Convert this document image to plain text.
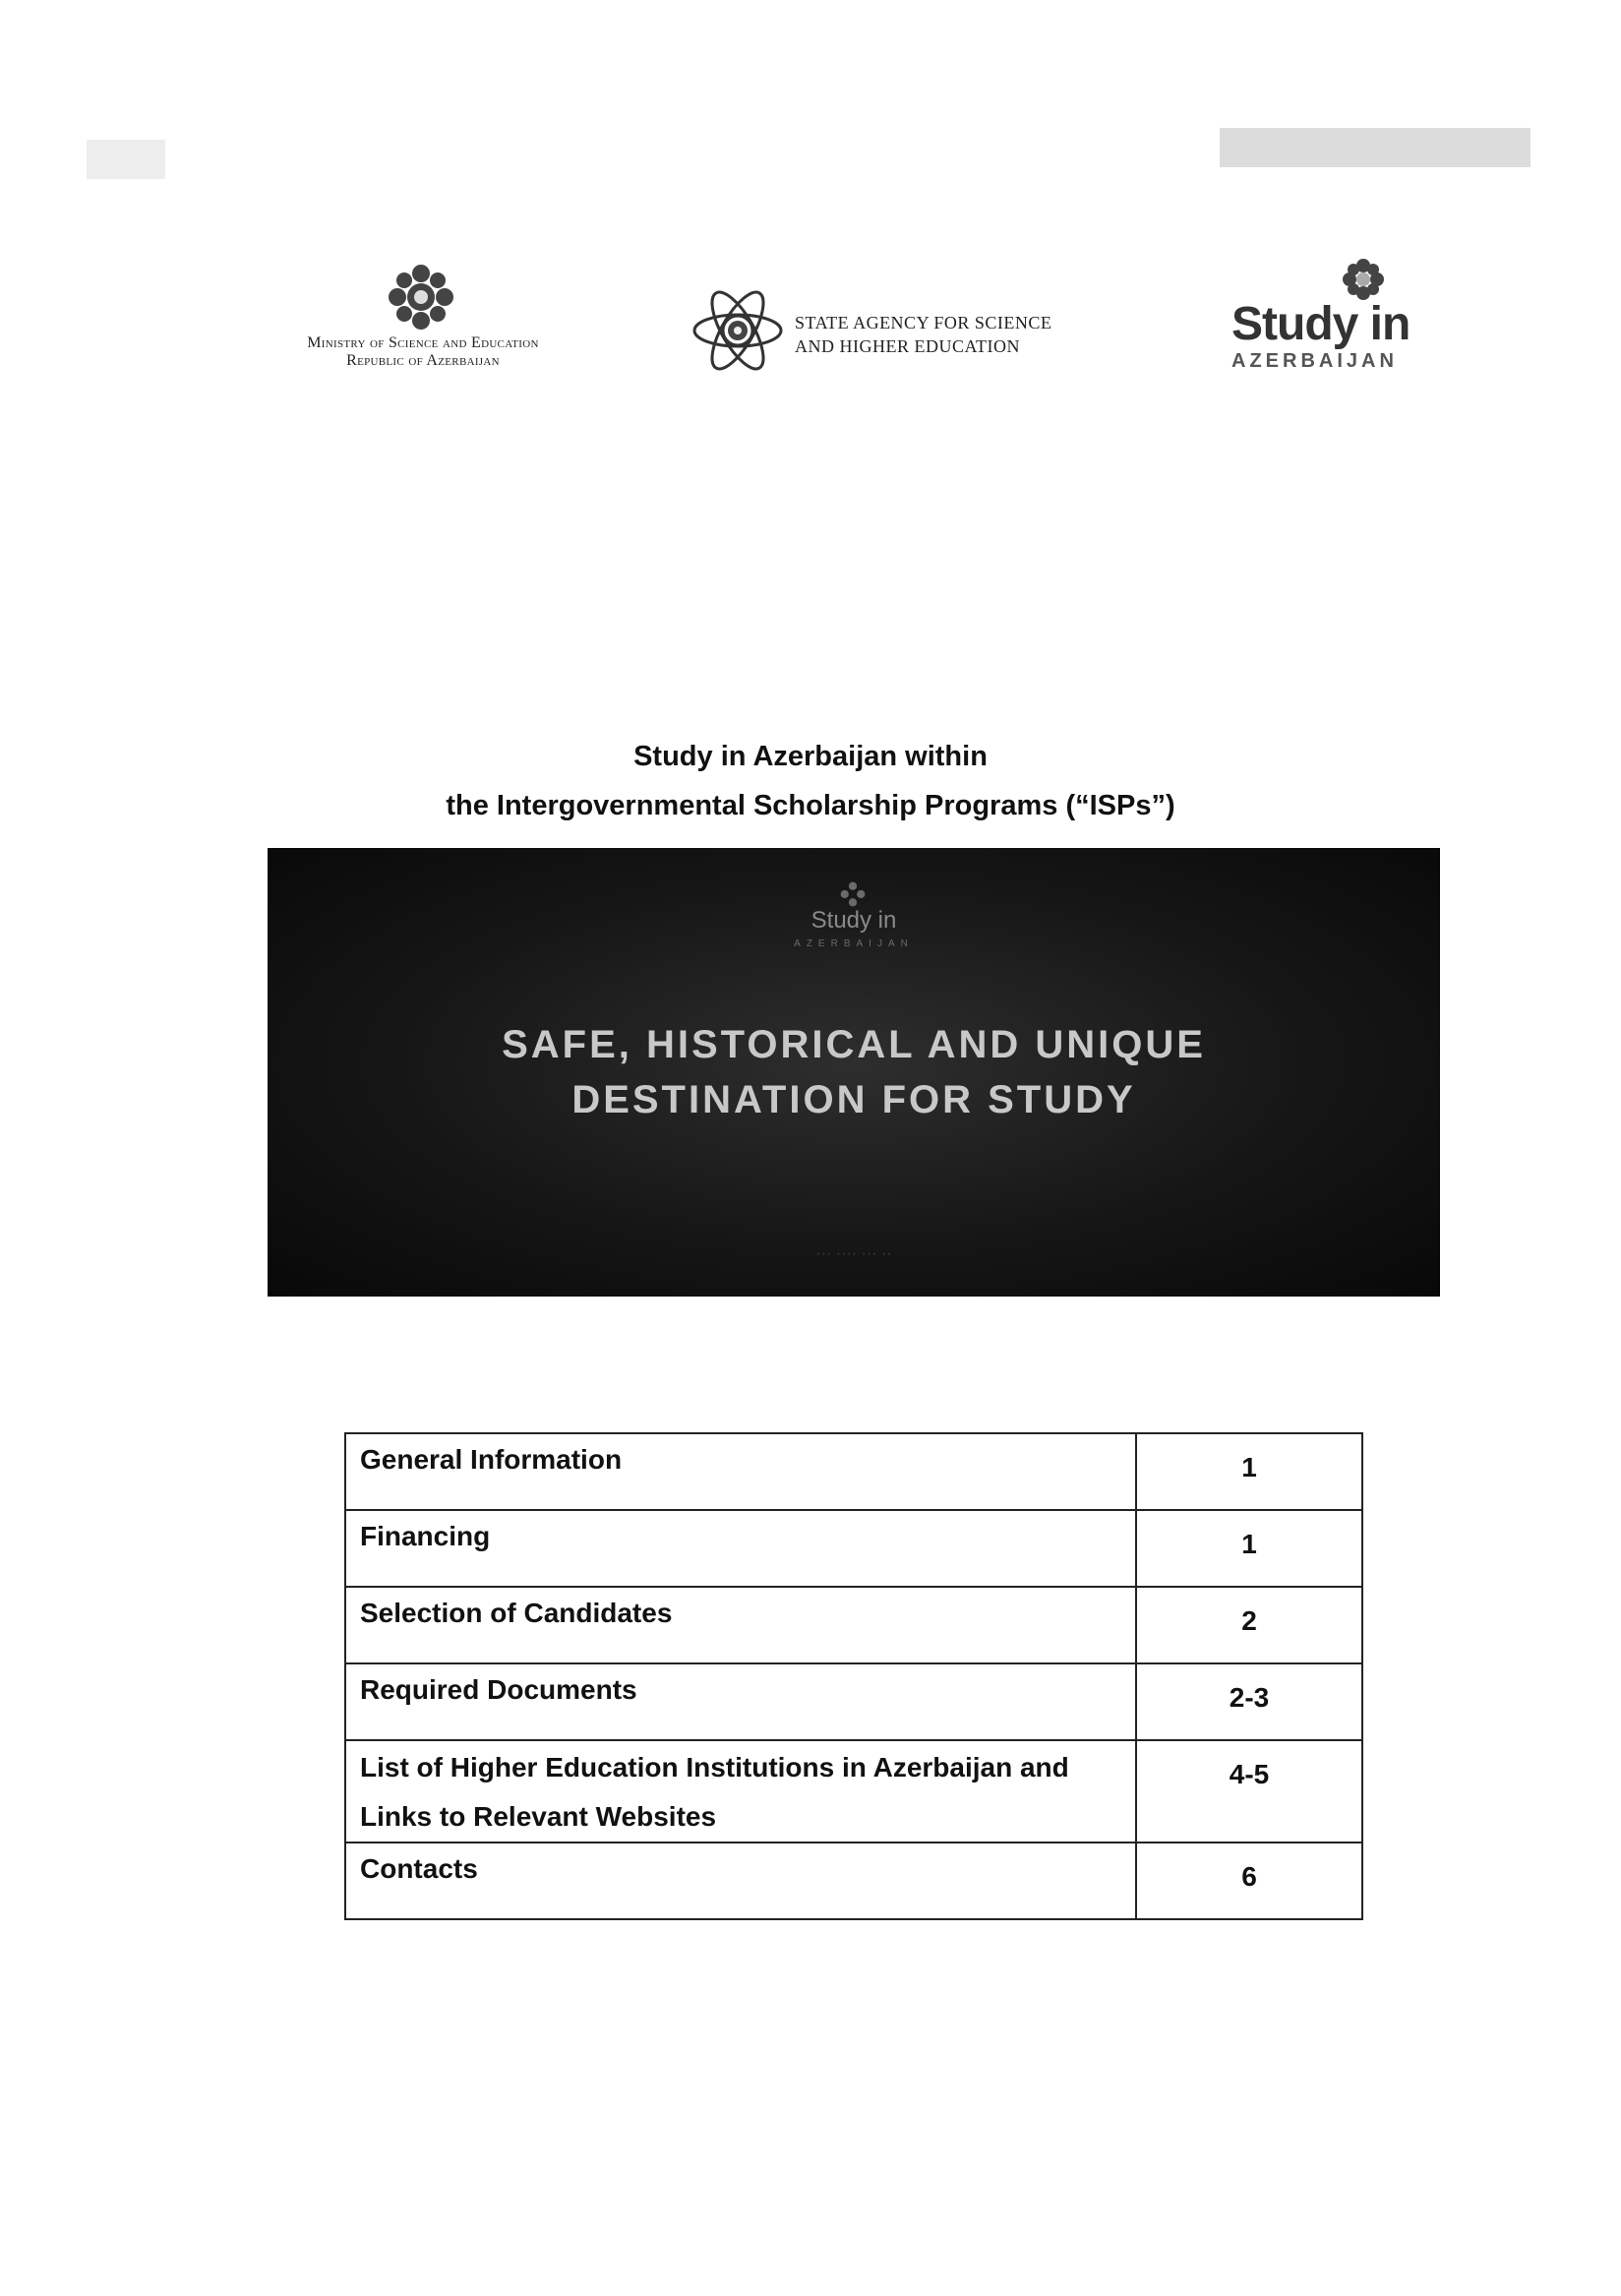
Ministry of Science and Education
Republic of Azerbaijan
STATE AGENCY FOR SCIENCE
AND HIGHER EDUCATION	Study in
AZERBAIJAN
Study in Azerbaijan within
the Intergovernmental Scholarship Programs (“ISPs”)
Study in
AZERBAIJAN
SAFE, HISTORICAL AND UNIQUE
DESTINATION FOR STUDY
··· ···· ··· ··
General Information	1
Financing	1
Selection of Candidates	2
Required Documents	2-3
List of Higher Education Institutions in Azerbaijan and Links to Relevant Websites	4-5
Contacts	6
